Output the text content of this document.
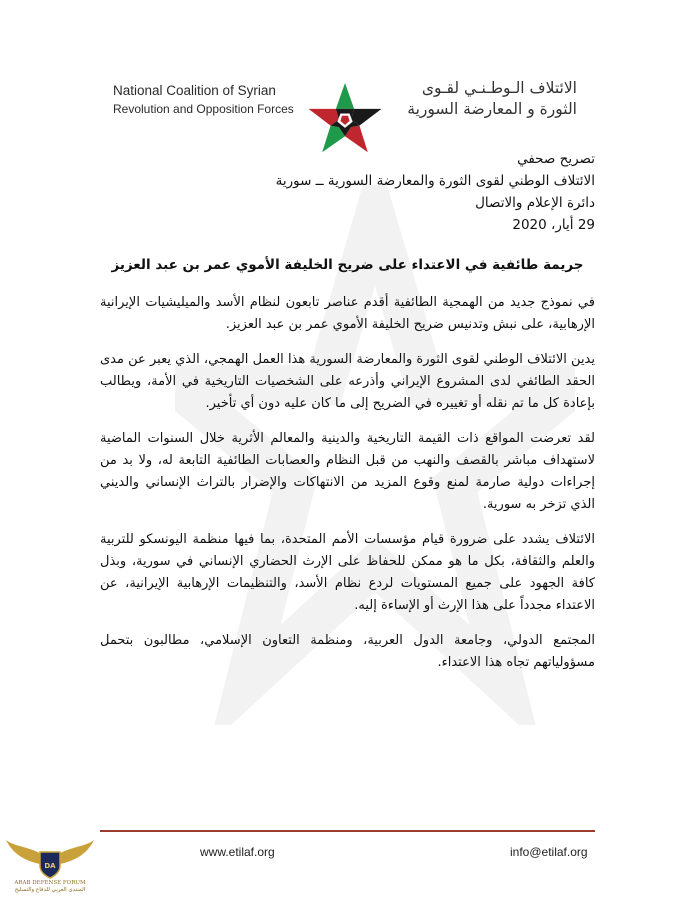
National Coalition of Syrian
Revolution and Opposition Forces
الائتلاف الـوطـنـي لقـوى
الثورة و المعارضة السورية
تصريح صحفي
الائتلاف الوطني لقوى الثورة والمعارضة السورية ــ سورية
دائرة الإعلام والاتصال
29 أيار، 2020
جريمة طائفية في الاعتداء على ضريح الخليفة الأموي عمر بن عبد العزيز

في نموذج جديد من الهمجية الطائفية أقدم عناصر تابعون لنظام الأسد والميليشيات الإيرانية الإرهابية، على نبش وتدنيس ضريح الخليفة الأموي عمر بن عبد العزيز.

يدين الائتلاف الوطني لقوى الثورة والمعارضة السورية هذا العمل الهمجي، الذي يعبر عن مدى الحقد الطائفي لدى المشروع الإيراني وأذرعه على الشخصيات التاريخية في الأمة، ويطالب بإعادة كل ما تم نقله أو تغييره في الضريح إلى ما كان عليه دون أي تأخير.

لقد تعرضت المواقع ذات القيمة التاريخية والدينية والمعالم الأثرية خلال السنوات الماضية لاستهداف مباشر بالقصف والنهب من قبل النظام والعصابات الطائفية التابعة له، ولا بد من إجراءات دولية صارمة لمنع وقوع المزيد من الانتهاكات والإضرار بالتراث الإنساني والديني الذي تزخر به سورية.

الائتلاف يشدد على ضرورة قيام مؤسسات الأمم المتحدة، بما فيها منظمة اليونسكو للتربية والعلم والثقافة، بكل ما هو ممكن للحفاظ على الإرث الحضاري الإنساني في سورية، وبذل كافة الجهود على جميع المستويات لردع نظام الأسد، والتنظيمات الإرهابية الإيرانية، عن الاعتداء مجدداً على هذا الإرث أو الإساءة إليه.

المجتمع الدولي، وجامعة الدول العربية، ومنظمة التعاون الإسلامي، مطالبون بتحمل مسؤولياتهم تجاه هذا الاعتداء.

www.etilaf.org	info@etilaf.org
DA
ARAB DEFENSE FORUM
المنتدى العربي للدفاع والتسليح
